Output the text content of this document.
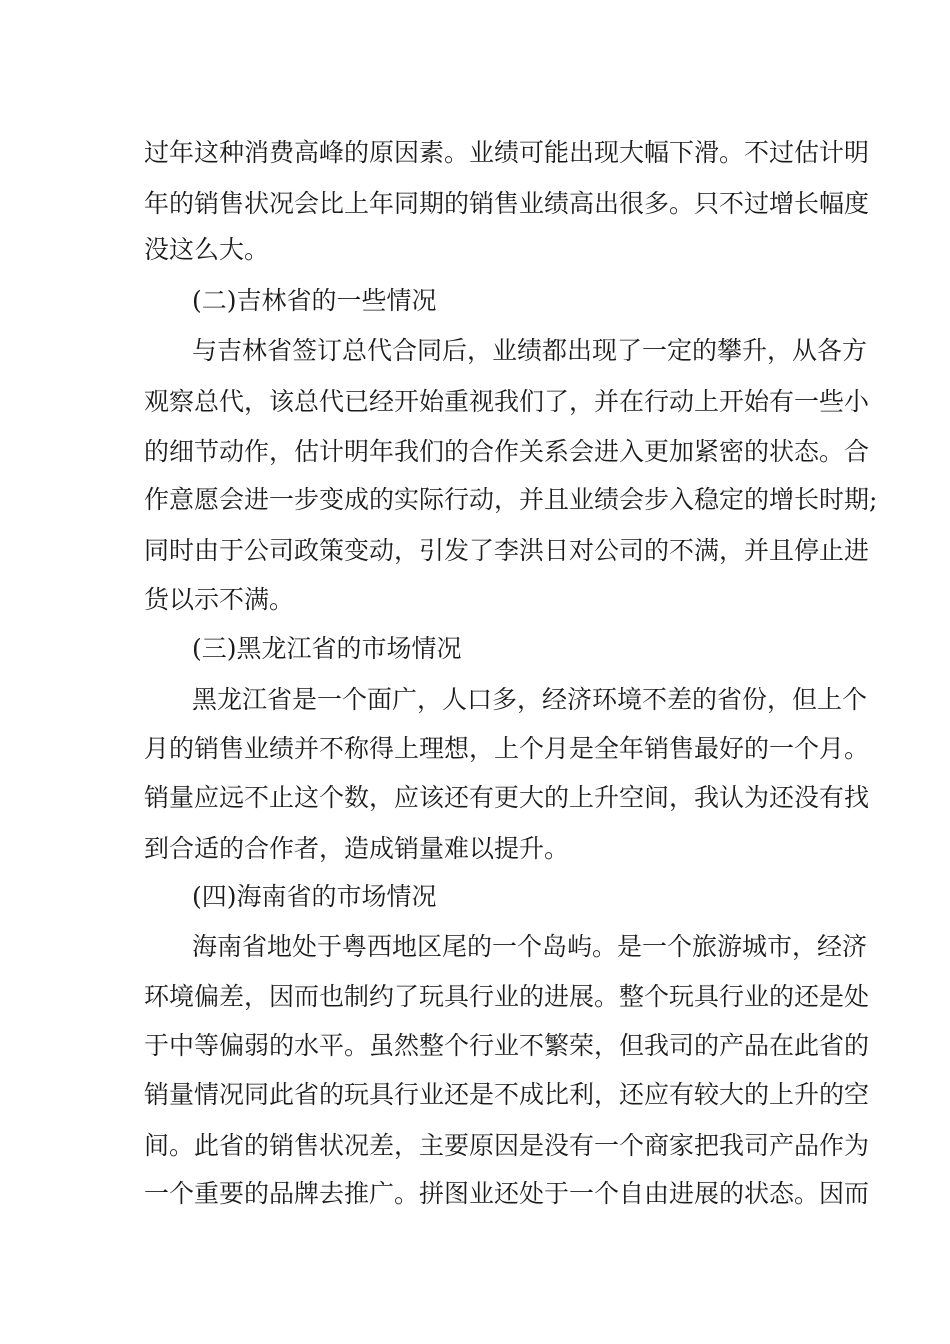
过年这种消费高峰的原因素。业绩可能出现大幅下滑。不过估计明
年的销售状况会比上年同期的销售业绩高出很多。只不过增长幅度
没这么大。
(二)吉林省的一些情况
与吉林省签订总代合同后，业绩都出现了一定的攀升，从各方
观察总代，该总代已经开始重视我们了，并在行动上开始有一些小
的细节动作，估计明年我们的合作关系会进入更加紧密的状态。合
作意愿会进一步变成的实际行动，并且业绩会步入稳定的增长时期;
同时由于公司政策变动，引发了李洪日对公司的不满，并且停止进
货以示不满。
(三)黑龙江省的市场情况
黑龙江省是一个面广，人口多，经济环境不差的省份，但上个
月的销售业绩并不称得上理想，上个月是全年销售最好的一个月。
销量应远不止这个数，应该还有更大的上升空间，我认为还没有找
到合适的合作者，造成销量难以提升。
(四)海南省的市场情况
海南省地处于粤西地区尾的一个岛屿。是一个旅游城市，经济
环境偏差，因而也制约了玩具行业的进展。整个玩具行业的还是处
于中等偏弱的水平。虽然整个行业不繁荣，但我司的产品在此省的
销量情况同此省的玩具行业还是不成比利，还应有较大的上升的空
间。此省的销售状况差，主要原因是没有一个商家把我司产品作为
一个重要的品牌去推广。拼图业还处于一个自由进展的状态。因而
